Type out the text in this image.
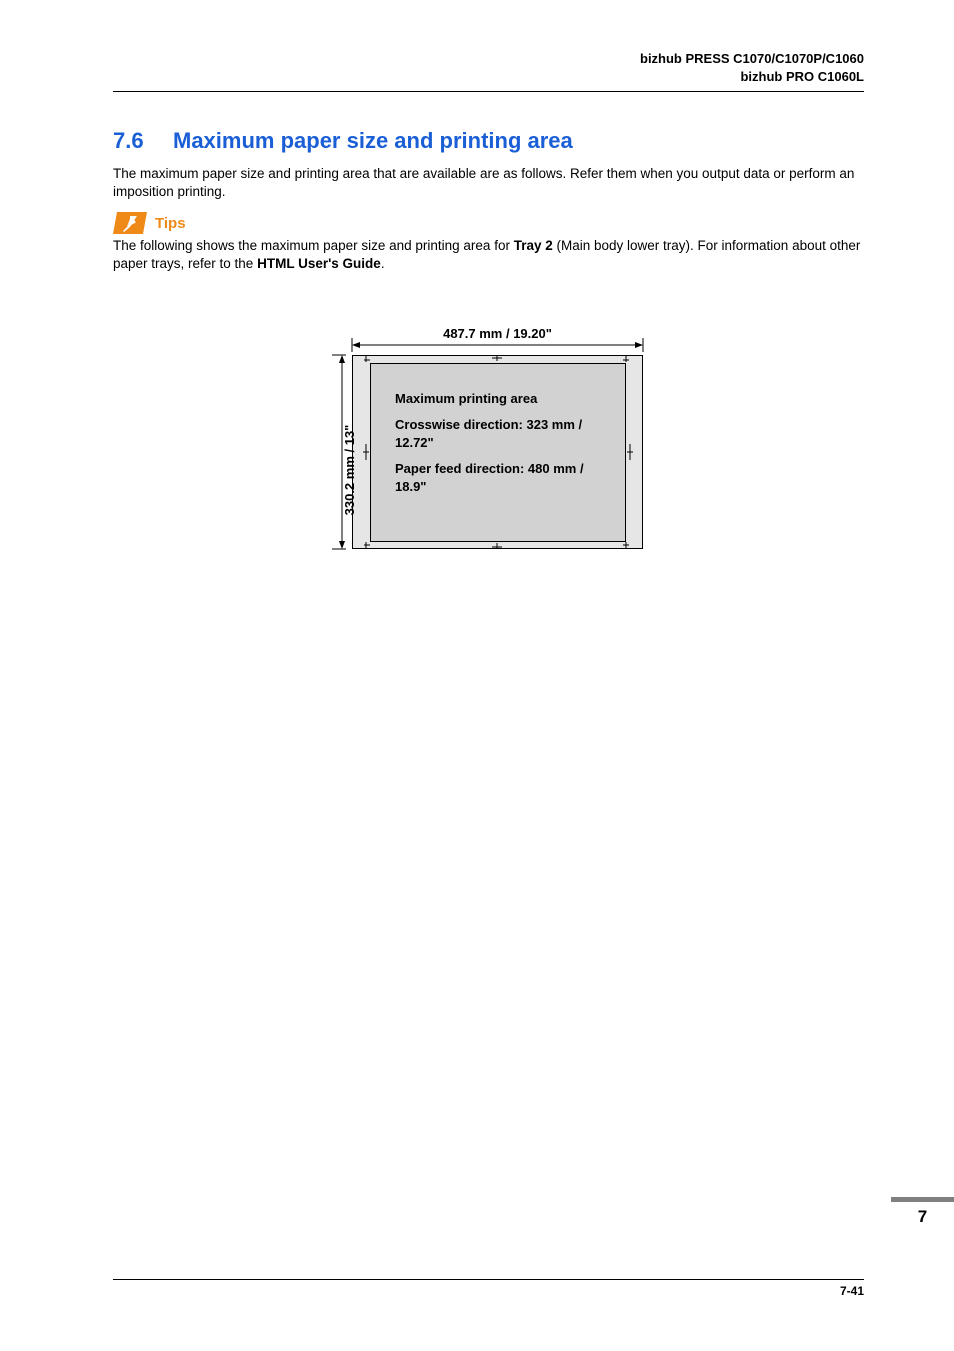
bizhub PRESS C1070/C1070P/C1060
bizhub PRO C1060L
7.6 Maximum paper size and printing area
The maximum paper size and printing area that are available are as follows. Refer them when you output data or perform an imposition printing.
Tips
The following shows the maximum paper size and printing area for Tray 2 (Main body lower tray). For information about other paper trays, refer to the HTML User's Guide.
487.7 mm / 19.20"
330.2 mm / 13"
Maximum printing area
Crosswise direction: 323 mm / 12.72"
Paper feed direction: 480 mm / 18.9"
7
7-41
